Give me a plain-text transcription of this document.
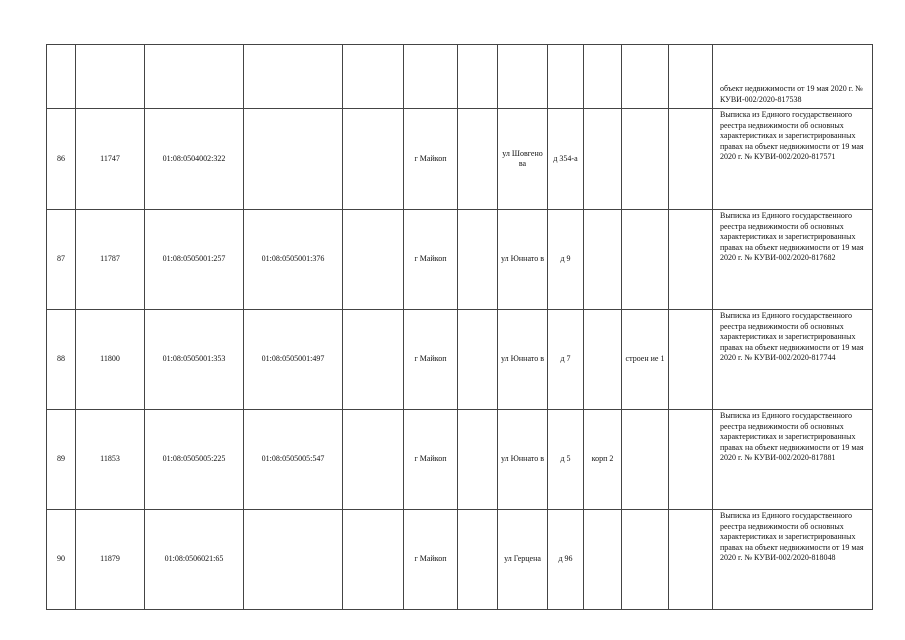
												объект недвижимости от 19 мая 2020 г. № КУВИ-002/2020-817538
86	11747	01:08:0504002:322			г Майкоп		ул Шовгено ва	д 354-а				Выписка из Единого государственного реестра недвижимости об основных характеристиках и зарегистрированных правах на объект недвижимости от 19 мая 2020 г. № КУВИ-002/2020-817571
87	11787	01:08:0505001:257	01:08:0505001:376		г Майкоп		ул Юннато в	д 9				Выписка из Единого государственного реестра недвижимости об основных характеристиках и зарегистрированных правах на объект недвижимости от 19 мая 2020 г. № КУВИ-002/2020-817682
88	11800	01:08:0505001:353	01:08:0505001:497		г Майкоп		ул Юннато в	д 7		строен ие 1		Выписка из Единого государственного реестра недвижимости об основных характеристиках и зарегистрированных правах на объект недвижимости от 19 мая 2020 г. № КУВИ-002/2020-817744
89	11853	01:08:0505005:225	01:08:0505005:547		г Майкоп		ул Юннато в	д 5	корп 2			Выписка из Единого государственного реестра недвижимости об основных характеристиках и зарегистрированных правах на объект недвижимости от 19 мая 2020 г. № КУВИ-002/2020-817881
90	11879	01:08:0506021:65			г Майкоп		ул Герцена	д 96				Выписка из Единого государственного реестра недвижимости об основных характеристиках и зарегистрированных правах на объект недвижимости от 19 мая 2020 г. № КУВИ-002/2020-818048
